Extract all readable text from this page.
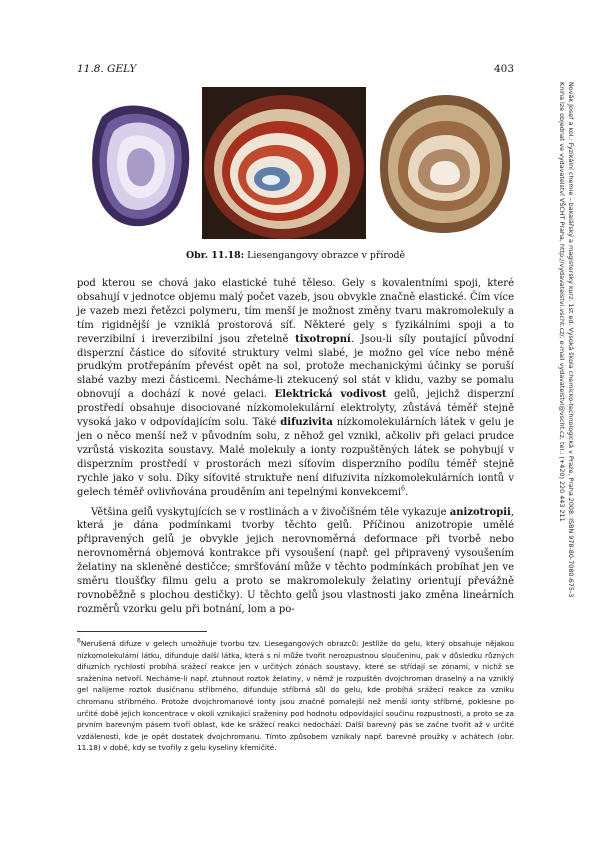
11.8. GELY	403
Novák Josef a kol.: Fyzikální chemie – bakalářský a magisterský kurz. 1st ed. Vysoká škola chemicko-technologická v Praze, Praha 2008. ISBN 978-80-7080-675-3
Kniha lze objednat ve vydavatelství VŠCHT Praha, http://vydavatelstvi.vscht.cz/, e-mail vydavatelstvi@vscht.cz, tel.: (+420) 220 443 211
Obr. 11.18: Liesengangovy obrazce v přírodě

pod kterou se chová jako elastické tuhé těleso. Gely s kovalentními spoji, které obsahují v jednotce objemu malý počet vazeb, jsou obvykle značně elastické. Čím více je vazeb mezi řetězci polymeru, tím menší je možnost změny tvaru makromolekuly a tím rigidnější je vzniklá prostorová síť. Některé gely s fyzikálními spoji a to reverzibilní i ireverzibilní jsou zřetelně tixotropní. Jsou-li síly poutající původní disperzní částice do síťovité struktury velmi slabé, je možno gel více nebo méně prudkým protřepáním převést opět na sol, protože mechanickými účinky se poruší slabé vazby mezi částicemi. Necháme-li ztekucený sol stát v klidu, vazby se pomalu obnovují a dochází k nové gelaci. Elektrická vodivost gelů, jejichž disperzní prostředí obsahuje disociované nízkomolekulární elektrolyty, zůstává téměř stejně vysoká jako v odpovídajícím solu. Také difuzivita nízkomolekulárních látek v gelu je jen o něco menší než v původním solu, z něhož gel vznikl, ačkoliv při gelaci prudce vzrůstá viskozita soustavy. Malé molekuly a ionty rozpuštěných látek se pohybují v disperzním prostředí v prostorách mezi síťovím disperzního podílu téměř stejně rychle jako v solu. Díky síťovité struktuře není difuzivita nízkomolekulárních iontů v gelech téměř ovlivňována prouděním ani tepelnými konvekcemi$^6$.

Většina gelů vyskytujících se v rostlinách a v živočišném těle vykazuje anizotropii, která je dána podmínkami tvorby těchto gelů. Příčinou anizotropie umělé připravených gelů je obvykle jejich nerovnoměrná deformace při tvorbě nebo nerovnoměrná objemová kontrakce při vysoušení (např. gel připravený vysoušením želatiny na skleněné destičce; smršťování může v těchto podmínkách probíhat jen ve směru tloušťky filmu gelu a proto se makromolekuly želatiny orientují převážně rovnoběžně s plochou destičky). U těchto gelů jsou vlastnosti jako změna lineárních rozměrů vzorku gelu při botnání, lom a po-

$^6$Nerušená difuze v gelech umožňuje tvorbu tzv. Liesegangových obrazců: Jestliže do gelu, který obsahuje nějakou nízkomolekulární látku, difunduje další látka, která s ní může tvořit nerozpustnou sloučeninu, pak v důsledku různých difuzních rychlostí probíhá srážecí reakce jen v určitých zónách soustavy, které se střídají se zónami, v nichž se sraženina netvoří. Necháme-li např. ztuhnout roztok želatiny, v němž je rozpuštěn dvojchroman draselný a na vzniklý gel nalijeme roztok dusičnanu stříbrného, difunduje stříbrná sůl do gelu, kde probíhá srážecí reakce za vzniku chromanu stříbrného. Protože dvojchromanové ionty jsou značně pomalejší než menší ionty stříbrné, poklesne po určité době jejich koncentrace v okolí vznikající sraženiny pod hodnotu odpovídající součinu rozpustnosti, a proto se za prvním barevným pásem tvoří oblast, kde ke srážecí reakci nedochází. Další barevný pás se začne tvořit až v určité vzdálenosti, kde je opět dostatek dvojchromanu. Tímto způsobem vznikaly např. barevné proužky v achátech (obr. 11.18) v době, kdy se tvořily z gelu kyseliny křemičité.
